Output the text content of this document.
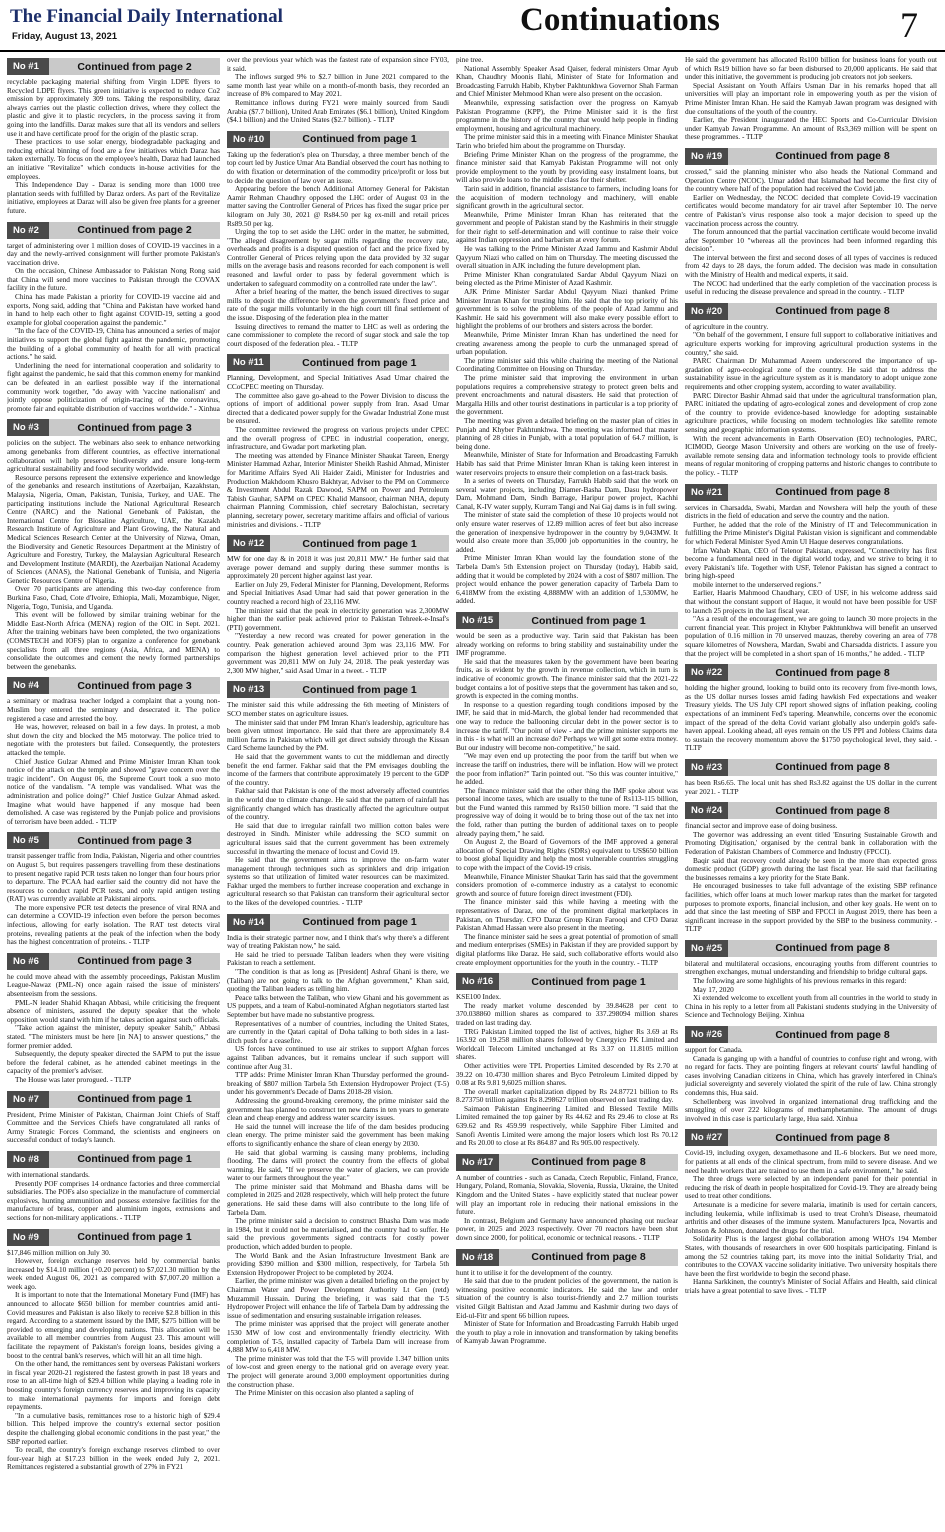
The Financial Daily International
Friday, August 13, 2021	Continuations	7
No #1	Continued from page 2

recyclable packaging material shifting from Virgin LDPE flyers to Recycled LDPE flyers. This green initiative is expected to reduce Co2 emission by approximately 309 tons. Taking the responsibility, daraz always carries out the plastic collection drives, where they collect the plastic and give it to plastic recyclers, in the process saving it from going into the landfills. Daraz makes sure that all its vendors and sellers use it and have certificate proof for the origin of the plastic scrap.

These practices to use solar energy, biodegradable packaging and reducing ethical binning of food are a few initiatives which Daraz has taken externally. To focus on the employee's health, Daraz had launched an initiative "Revitalize" which conducts in-house activities for the employees.

This Independence Day - Daraz is sending more than 1000 tree plantation seeds with fulfilled by Daraz orders. As part of the Revitalize initiative, employees at Daraz will also be given free plants for a greener future.

No #2	Continued from page 2

target of administering over 1 million doses of COVID-19 vaccines in a day and the newly-arrived consignment will further promote Pakistan's vaccination drive.

On the occasion, Chinese Ambassador to Pakistan Nong Rong said that China will send more vaccines to Pakistan through the COVAX facility in the future.

China has made Pakistan a priority for COVID-19 vaccine aid and exports, Nong said, adding that "China and Pakistan have worked hand in hand to help each other to fight against COVID-19, setting a good example for global cooperation against the pandemic."

"In the face of the COVID-19, China has announced a series of major initiatives to support the global fight against the pandemic, promoting the building of a global community of health for all with practical actions." he said.

Underlining the need for international cooperation and solidarity to fight against the pandemic, he said that this common enemy for mankind can be defeated in an earliest possible way if the international community work together, "do away with 'vaccine nationalism' and jointly oppose politicization of origin-tracing of the coronavirus, promote fair and equitable distribution of vaccines worldwide." - Xinhua

No #3	Continued from page 3

policies on the subject. The webinars also seek to enhance networking among genebanks from different countries, as effective international collaboration will help preserve biodiversity and ensure long-term agricultural sustainability and food security worldwide.

Resource persons represent the extensive experience and knowledge of the genebanks and research institutions of Azerbaijan, Kazakhstan, Malaysia, Nigeria, Oman, Pakistan, Tunisia, Turkey, and UAE. The participating institutions include the National Agricultural Research Centre (NARC) and the National Genebank of Pakistan, the International Centre for Biosaline Agriculture, UAE, the Kazakh Research Institute of Agriculture and Plant Growing, the Natural and Medical Sciences Research Center at the University of Nizwa, Oman, the Biodiversity and Genetic Resources Department at the Ministry of Agriculture and Forestry, Turkey, the Malaysian Agricultural Research and Development Institute (MARDI), the Azerbaijan National Academy of Sciences (ANAS), the National Genebank of Tunisia, and Nigeria Genetic Resources Centre of Nigeria.

Over 70 participants are attending this two-day conference from Burkina Faso, Chad, Cote d'Ivoire, Ethiopia, Mali, Mozambique, Niger, Nigeria, Togo, Tunisia, and Uganda.

This event will be followed by similar training webinar for the Middle East-North Africa (MENA) region of the OIC in Sept. 2021. After the training webinars have been completed, the two organizations (COMSTECH and IOFS) plan to organize a conference for genebank specialists from all three regions (Asia, Africa, and MENA) to consolidate the outcomes and cement the newly formed partnerships between the genebanks.

No #4	Continued from page 3

a seminary or madrasa teacher lodged a complaint that a young non-Muslim boy entered the seminary and desecrated it. The police registered a case and arrested the boy.

He was, however, released on bail in a few days. In protest, a mob shut down the city and blocked the M5 motorway. The police tried to negotiate with the protesters but failed. Consequently, the protesters attacked the temple.

Chief Justice Gulzar Ahmed and Prime Minister Imran Khan took notice of the attack on the temple and showed "grave concern over the tragic incident". On August 06, the Supreme Court took a suo moto notice of the vandalism. "A temple was vandalised. What was the administration and police doing?" Chief Justice Gulzar Ahmad asked. Imagine what would have happened if any mosque had been demolished. A case was registered by the Punjab police and provisions of terrorism have been added. - TLTP

No #5	Continued from page 3

transit passenger traffic from India, Pakistan, Nigeria and other countries on August 5, but requires passengers travelling from these destinations to present negative rapid PCR tests taken no longer than four hours prior to departure. The PCAA had earlier said the country did not have the resources to conduct rapid PCR tests, and only rapid antigen testing (RAT) was currently available at Pakistani airports.

The more expensive PCR test detects the presence of viral RNA and can determine a COVID-19 infection even before the person becomes infectious, allowing for early isolation. The RAT test detects viral proteins, revealing patients at the peak of the infection when the body has the highest concentration of proteins. - TLTP

No #6	Continued from page 3

he could move ahead with the assembly proceedings, Pakistan Muslim League-Nawaz (PML-N) once again raised the issue of ministers' absenteeism from the sessions.

PML-N leader Shahid Khaqan Abbasi, while criticising the frequent absence of ministers, assured the deputy speaker that the whole opposition would stand with him if he takes action against such officials.

"Take action against the minister, deputy speaker Sahib," Abbasi stated. "The ministers must be here [in NA] to answer questions," the former premier added.

Subsequently, the deputy speaker directed the SAPM to put the issue before the federal cabinet, as he attended cabinet meetings in the capacity of the premier's adviser.

The House was later prorogued. - TLTP

No #7	Continued from page 1

President, Prime Minister of Pakistan, Chairman Joint Chiefs of Staff Committee and the Services Chiefs have congratulated all ranks of Army Strategic Forces Command, the scientists and engineers on successful conduct of today's launch.

No #8	Continued from page 1

with international standards.

Presently POF comprises 14 ordnance factories and three commercial subsidiaries. The POFs also specialize in the manufacture of commercial explosives, hunting ammunition and possess extensive facilities for the manufacture of brass, copper and aluminium ingots, extrusions and sections for non-military applications. - TLTP

No #9	Continued from page 1

$17,846 million million on July 30.

However, foreign exchange reserves held by commercial banks increased by $14.10 million (+0.20 percent) to $7,021.30 million by the week ended August 06, 2021 as compared with $7,007.20 million a week ago.

It is important to note that the International Monetary Fund (IMF) has announced to allocate $650 billion for member countries amid anti-Covid measures and Pakistan is also likely to receive $2.8 billion in this regard. According to a statement issued by the IMF, $275 billion will be provided to emerging and developing nations. This allocation will be available to all member countries from August 23. This amount will facilitate the repayment of Pakistan's foreign loans, besides giving a boost to the central bank's reserves, which will hit an all time high.

On the other hand, the remittances sent by overseas Pakistani workers in fiscal year 2020-21 registered the fastest growth in past 18 years and rose to an all-time high of $29.4 billion while playing a leading role in boosting country's foreign currency reserves and improving its capacity to make international payments for imports and foreign debt repayments.

"In a cumulative basis, remittances rose to a historic high of $29.4 billion. This helped improve the country's external sector position despite the challenging global economic conditions in the past year," the SBP reported earlier.

To recall, the country's foreign exchange reserves climbed to over four-year high at $17.23 billion in the week ended July 2, 2021. Remittances registered a substantial growth of 27% in FY21

over the previous year which was the fastest rate of expansion since FY03, it said.

The inflows surged 9% to $2.7 billion in June 2021 compared to the same month last year while on a month-of-month basis, they recorded an increase of 8% compared to May 2021.

Remittance inflows during FY21 were mainly sourced from Saudi Arabia ($7.7 billion), United Arab Emirates ($6.1 billion), United Kingdom ($4.1 billion) and the United States ($2.7 billion). - TLTP

No #10	Continued from page 1

Taking up the federation's plea on Thursday, a three member bench of the top court led by Justice Umar Ata Bandial observed the court has nothing to do with fixation or determination of the commodity price/profit or loss but to decide the question of law over an issue.

Appearing before the bench Additional Attorney General for Pakistan Aamir Rehman Chaudhry opposed the LHC order of August 03 in the matter saving the Controller General of Prices has fixed the sugar price per kilogram on July 30, 2021 @ Rs84.50 per kg ex-mill and retail prices Rs89.50 per kg.

Urging the top to set aside the LHC order in the matter, he submitted, "The alleged disagreement by sugar mills regarding the recovery rate, overheads and profits is a disputed question of fact and the price fixed by Controller General of Prices relying upon the data provided by 32 sugar mills on the average basis and reasons recorded for each component is well reasoned and lawful order to pass by federal government which is undertaken to safeguard commodity on a controlled rate under the law".

After a brief hearing of the matter, the bench issued directives to sugar mills to deposit the difference between the government's fixed price and rate of the sugar mills voluntarily in the high court till final settlement of the issue. Disposing of the federation plea in the matter

Issuing directives to remand the matter to LHC as well as ordering the cane commissioner to complete the record of sugar stock and sale the top court disposed of the federation plea. - TLTP

No #11	Continued from page 1

Planning, Development, and Special Initiatives Asad Umar chaired the CCoCPEC meeting on Thursday.

The committee also gave go-ahead to the Power Division to discuss the options of import of additional power supply from Iran. Asad Umar directed that a dedicated power supply for the Gwadar Industrial Zone must be ensured.

The committee reviewed the progress on various projects under CPEC and the overall progress of CPEC in industrial cooperation, energy, infrastructure, and Gwadar port marketing plan.

The meeting was attended by Finance Minister Shaukat Tareen, Energy Minister Hammad Azhar, Interior Minister Sheikh Rashid Ahmad, Minister for Maritime Affairs Syed Ali Haider Zaidi, Minister for Industries and Production Makhdoom Khusro Bakhtyar, Adviser to the PM on Commerce & Investment Abdul Razak Dawood, SAPM on Power and Petroleum Tabish Gauhar, SAPM on CPEC Khalid Mansoor, chairman NHA, deputy chairman Planning Commission, chief secretary Balochistan, secretary planning, secretary power, secretary maritime affairs and official of various ministries and divisions. - TLTP

No #12	Continued from page 1

MW for one day & in 2018 it was just 20,811 MW." He further said that average power demand and supply during these summer months is approximately 20 percent higher against last year.

Earlier on July 29, Federal Minister for Planning, Development, Reforms and Special Initiatives Asad Umar had said that power generation in the country reached a record high of 23,116 MW.

The minister said that the peak in electricity generation was 2,300MW higher than the earlier peak achieved prior to Pakistan Tehreek-e-Insaf's (PTI) government.

"Yesterday a new record was created for power generation in the country. Peak generation achieved around 3pm was 23,116 MW. For comparison the highest generation level achieved prior to the PTI government was 20,811 MW on July 24, 2018. The peak yesterday was 2,300 MW higher," said Asad Umar in a tweet. - TLTP

No #13	Continued from page 1

The minister said this while addressing the 6th meeting of Ministers of SCO member states on agriculture issues.

The minister said that under PM Imran Khan's leadership, agriculture has been given utmost importance. He said that there are approximately 8.4 million farms in Pakistan which will get direct subsidy through the Kissan Card Scheme launched by the PM.

He said that the government wants to cut the middleman and directly benefit the end farmer. Fakhar said that the PM envisages doubling the income of the farmers that contribute approximately 19 percent to the GDP of the country.

Fakhar said that Pakistan is one of the most adversely affected countries in the world due to climate change. He said that the pattern of rainfall has significantly changed which has drastically affected the agriculture output of the country.

He said that due to irregular rainfall two million cotton bales were destroyed in Sindh. Minister while addressing the SCO summit on agricultural issues said that the current government has been extremely successful in thwarting the menace of locust and Covid 19.

He said that the government aims to improve the on-farm water management through techniques such as sprinklers and drip irrigation systems so that utilization of limited water resources can be maximized. Fakhar urged the members to further increase cooperation and exchange in agricultural research so that Pakistan can transform their agricultural sector to the likes of the developed countries. - TLTP

No #14	Continued from page 1

India is their strategic partner now, and I think that's why there's a different way of treating Pakistan now," he said.

He said he tried to persuade Taliban leaders when they were visiting Pakistan to reach a settlement.

"The condition is that as long as [President] Ashraf Ghani is there, we (Taliban) are not going to talk to the Afghan government," Khan said, quoting the Taliban leaders as telling him.

Peace talks between the Taliban, who view Ghani and his government as US puppets, and a team of Kabul-nominated Afghan negotiators started last September but have made no substantive progress.

Representatives of a number of countries, including the United States, are currently in the Qatari capital of Doha talking to both sides in a last-ditch push for a ceasefire.

US forces have continued to use air strikes to support Afghan forces against Taliban advances, but it remains unclear if such support will continue after Aug 31.

TTP adds: Prime Minister Imran Khan Thursday performed the ground-breaking of $807 million Tarbela 5th Extension Hydropower Project (T-5) under his government's Decade of Dams 2018-28 vision.

Addressing the ground-breaking ceremony, the prime minister said the government has planned to construct ten new dams in ten years to generate clean and cheap energy and address water scarcity issues.

He said the tunnel will increase the life of the dam besides producing clean energy. The prime minister said the government has been making efforts to significantly enhance the share of clean energy by 2030.

He said that global warming is causing many problems, including flooding. The dams will protect the country from the effects of global warming. He said, "If we preserve the water of glaciers, we can provide water to our farmers throughout the year."

The prime minister said that Mohmand and Bhasha dams will be completed in 2025 and 2028 respectively, which will help protect the future generations. He said these dams will also contribute to the long life of Tarbela Dam.

The prime minister said a decision to construct Bhasha Dam was made in 1984, but it could not be materialised, and the country had to suffer. He said the previous governments signed contracts for costly power production, which added burden to people.

The World Bank and the Asian Infrastructure Investment Bank are providing $390 million and $300 million, respectively, for Tarbela 5th Extension Hydropower Project to be completed by 2024.

Earlier, the prime minister was given a detailed briefing on the project by Chairman Water and Power Development Authority Lt Gen (retd) Muzammil Hussain. During the briefing, it was said that the T-5 Hydropower Project will enhance the life of Tarbela Dam by addressing the issue of sedimentation and ensuring sustainable irrigation releases.

The prime minister was apprised that the project will generate another 1530 MW of low cost and environmentally friendly electricity. With completion of T-5, installed capacity of Tarbela Dam will increase from 4,888 MW to 6,418 MW.

The prime minister was told that the T-5 will provide 1.347 billion units of low-cost and green energy to the national grid on average every year. The project will generate around 3,000 employment opportunities during the construction phase.

The Prime Minister on this occasion also planted a sapling of

pine tree.

National Assembly Speaker Asad Qaiser, federal ministers Omar Ayub Khan, Chaudhry Moonis Ilahi, Minister of State for Information and Broadcasting Farrukh Habib, Khyber Pakhtunkhwa Governor Shah Farman and Chief Minister Mehmood Khan were also present on the occasion.

Meanwhile, expressing satisfaction over the progress on Kamyab Pakistan Programme (KPP), the Prime Minister said it is the first programme in the history of the country that would help people in finding employment, housing and agricultural machinery.

The prime minister said this in a meeting with Finance Minister Shaukat Tarin who briefed him about the programme on Thursday.

Briefing Prime Minister Khan on the progress of the programme, the finance minister said that Kamyab Pakistan Programme will not only provide employment to the youth by providing easy instalment loans, but will also provide loans to the middle class for their shelter.

Tarin said in addition, financial assistance to farmers, including loans for the acquisition of modern technology and machinery, will enable significant growth in the agricultural sector.

Meanwhile, Prime Minister Imran Khan has reiterated that the government and people of Pakistan stand by the Kashmiris in their struggle for their right to self-determination and will continue to raise their voice against Indian oppression and barbarism at every forum.

He was talking to the Prime Minister Azad Jammu and Kashmir Abdul Qayyum Niazi who called on him on Thursday. The meeting discussed the overall situation in AJK including the future development plan.

Prime Minister Khan congratulated Sardar Abdul Qayyum Niazi on being elected as the Prime Minister of Azad Kashmir.

AJK Prime Minister Sardar Abdul Qayyum Niazi thanked Prime Minister Imran Khan for trusting him. He said that the top priority of his government is to solve the problems of the people of Azad Jammu and Kashmir. He said his government will also make every possible effort to highlight the problems of our brothers and sisters across the border.

Meanwhile, Prime Minister Imran Khan has underlined the need for creating awareness among the people to curb the unmanaged spread of urban population.

The prime minister said this while chairing the meeting of the National Coordinating Committee on Housing on Thursday.

The prime minister said that improving the environment in urban populations requires a comprehensive strategy to protect green belts and prevent encroachments and natural disasters. He said that protection of Margalla Hills and other tourist destinations in particular is a top priority of the government.

The meeting was given a detailed briefing on the master plan of cities in Punjab and Khyber Pakhtunkhwa. The meeting was informed that master planning of 28 cities in Punjab, with a total population of 64.7 million, is being done.

Meanwhile, Minister of State for Information and Broadcasting Farrukh Habib has said that Prime Minister Imran Khan is taking keen interest in water reservoirs projects to ensure their completion on a fast-track basis.

In a series of tweets on Thursday, Farrukh Habib said that the work on several water projects, including Diamer-Basha Dam, Dasu hydropower Dam, Mohmand Dam, Sindh Barrage, Haripur power project, Kachhi Canal, K-IV water supply, Kurram Tangi and Nai Gaj dams is in full swing.

The minister of state said the completion of these 10 projects would not only ensure water reserves of 12.89 million acres of feet but also increase the generation of inexpensive hydropower in the country by 9,043MW. It would also create more than 35,000 job opportunities in the country, he added.

Prime Minister Imran Khan would lay the foundation stone of the Tarbela Dam's 5th Extension project on Thursday (today), Habib said, adding that it would be completed by 2024 with a cost of $807 million. The project would enhance the power generation capacity of Tarbela Dam to 6,418MW from the existing 4,888MW with an addition of 1,530MW, he added.

No #15	Continued from page 1

would be seen as a productive way. Tarin said that Pakistan has been already working on reforms to bring stability and sustainability under the IMF programme.

He said that the measures taken by the government have been bearing fruits, as is evident by the growth in revenue collection, which in turn is indicative of economic growth. The finance minister said that the 2021-22 budget contains a lot of positive steps that the government has taken and so, growth is expected in the coming months.

In response to a question regarding tough conditions imposed by the IMF, he said that in mid-March, the global lender had recommended that one way to reduce the ballooning circular debt in the power sector is to increase the tariff. "Our point of view - and the prime minister supports me in this - is what will an increase do? Perhaps we will get some extra money. But our industry will become non-competitive," he said.

"We may even end up protecting the poor from the tariff but when we increase the tariff on industries, there will be inflation. How will we protect the poor from inflation?" Tarin pointed out. "So this was counter intuitive," he added.

The finance minister said that the other thing the IMF spoke about was personal income taxes, which are usually to the tune of Rs113-115 billion, but the Fund wanted this rammed by Rs150 billion more. "I said that the progressive way of doing it would be to bring those out of the tax net into the fold, rather than putting the burden of additional taxes on to people already paying them," he said.

On August 2, the Board of Governors of the IMF approved a general allocation of Special Drawing Rights (SDRs) equivalent to US$650 billion to boost global liquidity and help the most vulnerable countries struggling to cope with the impact of the Covid-19 crisis.

Meanwhile, Finance Minister Shaukat Tarin has said that the government considers promotion of e-commerce industry as a catalyst to economic growth and source of future foreign direct investment (FDI).

The finance minister said this while having a meeting with the representatives of Daraz, one of the prominent digital marketplaces in Pakistan, on Thursday. CFO Daraz Group Kiran Farooqi and CFO Daraz Pakistan Ahmad Hassan were also present in the meeting.

The finance minister said he sees a great potential of promotion of small and medium enterprises (SMEs) in Pakistan if they are provided support by digital platforms like Daraz. He said, such collaborative efforts would also create employment opportunities for the youth in the country. - TLTP

No #16	Continued from page 1

KSE100 Index.

The ready market volume descended by 39.84628 per cent to 370.038860 million shares as compared to 337.298094 million shares traded on last trading day.

TRG Pakistan Limited topped the list of actives, higher Rs 3.69 at Rs 163.92 on 19.258 million shares followed by Cnergyico PK Limited and Worldcall Telecom Limited unchanged at Rs 3.37 on 11.8105 million shares.

Other activities were TPL Properties Limited descended by Rs 2.70 at 39.22 on 10.4730 million shares and Byco Petroleum Limited dipped by 0.08 at Rs 9.81 9,6025 million shares.

The overall market capitalization dipped by Rs 24.87721 billion to Rs 8.273750 trillion against Rs 8.298627 trillion observed on last trading day.

Saimaon Pakistan Engineering Limited and Blessed Textile Mills Limited remained the top gainer by Rs 44.62 and Rs 29.46 to close at Rs 639.62 and Rs 459.99 respectively, while Sapphire Fiber Limited and Sanofi Aventis Limited were among the major losers which lost Rs 70.12 and Rs 20.00 to close at Rs 864.87 and Rs 905.00 respectively.

No #17	Continued from page 8

A number of countries - such as Canada, Czech Republic, Finland, France, Hungary, Poland, Romania, Slovakia, Slovenia, Russia, Ukraine, the United Kingdom and the United States - have explicitly stated that nuclear power will play an important role in reducing their national emissions in the future.

In contrast, Belgium and Germany have announced phasing out nuclear power, in 2025 and 2023 respectively. Over 70 reactors have been shut down since 2000, for political, economic or technical reasons. - TLTP

No #18	Continued from page 8

hunt it to utilise it for the development of the country.

He said that due to the prudent policies of the government, the nation is witnessing positive economic indicators. He said the law and order situation of the country is also tourist-friendly and 2.7 million tourists visited Gilgit Baltistan and Azad Jammu and Kashmir during two days of Eid-ul-Fitr and spent 66 billion rupees.

Minister of State for Information and Broadcasting Farrukh Habib urged the youth to play a role in innovation and transformation by taking benefits of Kamyab Jawan Programme.

He said the government has allocated Rs100 billion for business loans for youth out of which Rs19 billion have so far been disbursed to 20,000 applicants. He said that under this initiative, the government is producing job creators not job seekers.

Special Assistant on Youth Affairs Usman Dar in his remarks hoped that all universities will play an important role in empowering youth as per the vision of Prime Minister Imran Khan. He said the Kamyab Jawan program was designed with due consultations of the youth of the country.

Earlier, the President inaugurated the HEC Sports and Co-Curricular Division under Kamyab Jawan Programme. An amount of Rs3,369 million will be spent on these programmes. - TLTP

No #19	Continued from page 8

crossed," said the planning minister who also heads the National Command and Operation Centre (NCOC). Umar added that Islamabad had become the first city of the country where half of the population had received the Covid jab.

Earlier on Wednesday, the NCOC decided that complete Covid-19 vaccination certificates would become mandatory for air travel after September 10. The nerve centre of Pakistan's virus response also took a major decision to speed up the vaccination process across the country.

The forum announced that the partial vaccination certificate would become invalid after September 10 "whereas all the provinces had been informed regarding this decision".

The interval between the first and second doses of all types of vaccines is reduced from 42 days to 28 days, the forum added. The decision was made in consultation with the Ministry of Health and medical experts, it said.

The NCOC had underlined that the early completion of the vaccination process is useful in reducing the disease prevalence and spread in the country. - TLTP

No #20	Continued from page 8

of agriculture in the country.

"On behalf of the government, I ensure full support to collaborative initiatives and agriculture experts working for improving agricultural production systems in the country," she said.

PARC Chairman Dr Muhammad Azeem underscored the importance of up-gradation of agro-ecological zone of the country. He said that to address the sustainability issue in the agriculture system as it is mandatory to adopt unique zone requirements and other cropping system, according to water availability.

PARC Director Bashir Ahmad said that under the agricultural transformation plan, PARC initiated the updating of agro-ecological zones and development of crop zone of the country to provide evidence-based knowledge for adopting sustainable agriculture practices, while focusing on modern technologies like satellite remote sensing and geographic information systems.

With the recent advancements in Earth Observation (EO) technologies, PARC, ICIMOD, George Mason University and others are working on the use of freely-available remote sensing data and information technology tools to provide efficient means of regular monitoring of cropping patterns and historic changes to contribute to the policy. - TLTP

No #21	Continued from page 8

services in Charsadda, Swabi, Mardan and Nowshera will help the youth of these districts in the field of education and serve the country and the nation.

Further, he added that the role of the Ministry of IT and Telecommunication in fulfilling the Prime Minister's Digital Pakistan vision is significant and commendable for which Federal Minister Syed Amin Ul Haque deserves congratulations.

Irfan Wahab Khan, CEO of Telenor Pakistan, expressed, "Connectivity has first become a fundamental need in the digital world today, and we strive to bring it to every Pakistani's life. Together with USF, Telenor Pakistan has signed a contract to bring high-speed

mobile internet to the underserved regions."

Earlier, Haaris Mahmood Chaudhary, CEO of USF, in his welcome address said that without the constant support of Haque, it would not have been possible for USF to launch 25 projects in the last fiscal year.

"As a result of the encouragement, we are going to launch 30 more projects in the current financial year. This project in Khyber Pakhtunkhwa will benefit an unserved population of 0.16 million in 70 unserved mauzas, thereby covering an area of 778 square kilometres of Nowshera, Mardan, Swabi and Charsadda districts. I assure you that the project will be completed in a short span of 16 months," he added. - TLTP

No #22	Continued from page 8

holding the higher ground, looking to build onto its recovery from five-month lows, as the US dollar nurses losses amid fading hawkish Fed expectations and weaker Treasury yields. The US July CPI report showed signs of inflation peaking, cooling expectations of an imminent Fed's tapering. Meanwhile, concerns over the economic impact of the spread of the delta Covid variant globally also underpin gold's safe-haven appeal. Looking ahead, all eyes remain on the US PPI and Jobless Claims data to sustain the recovery momentum above the $1750 psychological level, they said. - TLTP

No #23	Continued from page 8

has been Rs6.65. The local unit has shed Rs3.82 against the US dollar in the current year 2021. - TLTP

No #24	Continued from page 8

financial sector and improve ease of doing business.

The governor was addressing an event titled 'Ensuring Sustainable Growth and Promoting Digitisation,' organised by the central bank in collaboration with the Federation of Pakistan Chambers of Commerce and Industry (FPCCI).

Baqir said that recovery could already be seen in the more than expected gross domestic product (GDP) growth during the last fiscal year. He said that facilitating the businesses remains a key priority for the State Bank.

He encouraged businesses to take full advantage of the existing SBP refinance facilities, which offer loans at much lower markup rates than the market for targeted purposes to promote exports, financial inclusion, and other key goals. He went on to add that since the last meeting of SBP and FPCCI in August 2019, there has been a significant increase in the support provided by the SBP to the business community. - TLTP

No #25	Continued from page 8

bilateral and multilateral occasions, encouraging youths from different countries to strengthen exchanges, mutual understanding and friendship to bridge cultural gaps.

The following are some highlights of his previous remarks in this regard:

May 17, 2020

Xi extended welcome to excellent youth from all countries in the world to study in China in his reply to a letter from all Pakistani students studying in the University of Science and Technology Beijing. Xinhua

No #26	Continued from page 8

support for Canada.

Canada is ganging up with a handful of countries to confuse right and wrong, with no regard for facts. They are pointing fingers at relevant courts' lawful handling of cases involving Canadian citizens in China, which has gravely interfered in China's judicial sovereignty and severely violated the spirit of the rule of law. China strongly condemns this, Hua said.

Schellenberg was involved in organized international drug trafficking and the smuggling of over 222 kilograms of methamphetamine. The amount of drugs involved in this case is particularly large, Hua said. Xinhua

No #27	Continued from page 8

Covid-19, including oxygen, dexamethasone and IL-6 blockers. But we need more, for patients at all ends of the clinical spectrum, from mild to severe disease. And we need health workers that are trained to use them in a safe environment," he said.

The three drugs were selected by an independent panel for their potential in reducing the risk of death in people hospitalized for Covid-19. They are already being used to treat other conditions.

Artesunate is a medicine for severe malaria, imatinib is used for certain cancers, including leukemia, while infliximab is used to treat Crohn's Disease, rheumatoid arthritis and other diseases of the immune system. Manufacturers Ipca, Novartis and Johnson & Johnson, donated the drugs for the trial.

Solidarity Plus is the largest global collaboration among WHO's 194 Member States, with thousands of researchers in over 600 hospitals participating. Finland is among the 52 countries taking part, its move into the initial Solidarity Trial, and contributes to the COVAX vaccine solidarity initiative. Two university hospitals there have been the first worldwide to begin the second phase.

Hanna Sarkkinen, the country's Minister of Social Affairs and Health, said clinical trials have a great potential to save lives. - TLTP
